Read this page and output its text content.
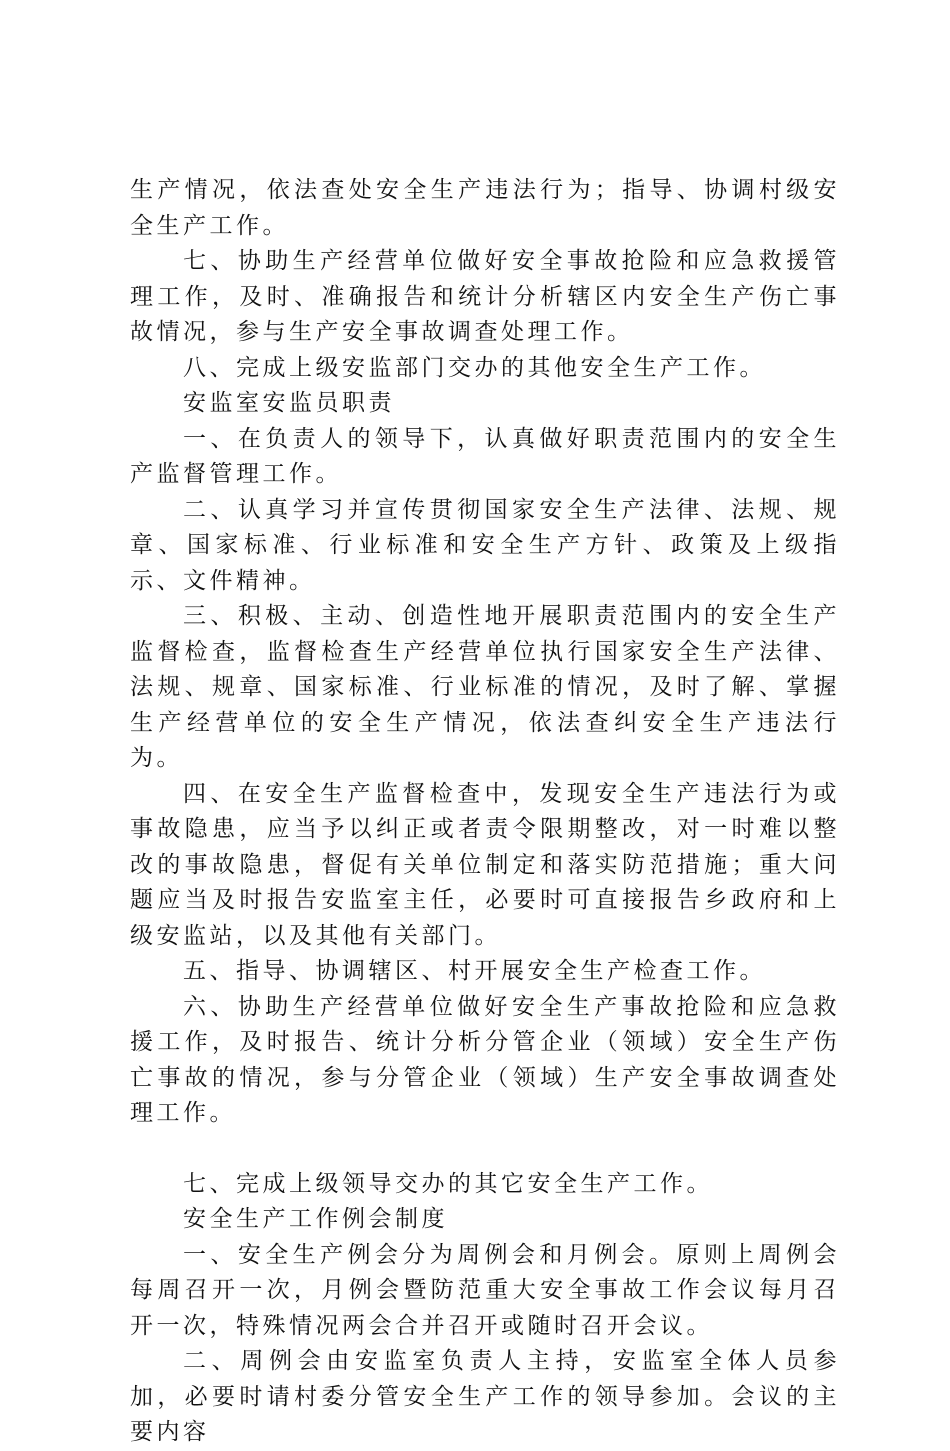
生产情况，依法查处安全生产违法行为；指导、协调村级安全生产工作。

七、协助生产经营单位做好安全事故抢险和应急救援管理工作，及时、准确报告和统计分析辖区内安全生产伤亡事故情况，参与生产安全事故调查处理工作。

八、完成上级安监部门交办的其他安全生产工作。

安监室安监员职责

一、在负责人的领导下，认真做好职责范围内的安全生产监督管理工作。

二、认真学习并宣传贯彻国家安全生产法律、法规、规章、国家标准、行业标准和安全生产方针、政策及上级指示、文件精神。

三、积极、主动、创造性地开展职责范围内的安全生产监督检查，监督检查生产经营单位执行国家安全生产法律、法规、规章、国家标准、行业标准的情况，及时了解、掌握生产经营单位的安全生产情况，依法查纠安全生产违法行为。

四、在安全生产监督检查中，发现安全生产违法行为或事故隐患，应当予以纠正或者责令限期整改，对一时难以整改的事故隐患，督促有关单位制定和落实防范措施；重大问题应当及时报告安监室主任，必要时可直接报告乡政府和上级安监站，以及其他有关部门。

五、指导、协调辖区、村开展安全生产检查工作。

六、协助生产经营单位做好安全生产事故抢险和应急救援工作，及时报告、统计分析分管企业（领域）安全生产伤亡事故的情况，参与分管企业（领域）生产安全事故调查处理工作。

七、完成上级领导交办的其它安全生产工作。

安全生产工作例会制度

一、安全生产例会分为周例会和月例会。原则上周例会每周召开一次，月例会暨防范重大安全事故工作会议每月召开一次，特殊情况两会合并召开或随时召开会议。

二、周例会由安监室负责人主持，安监室全体人员参加，必要时请村委分管安全生产工作的领导参加。会议的主要内容
